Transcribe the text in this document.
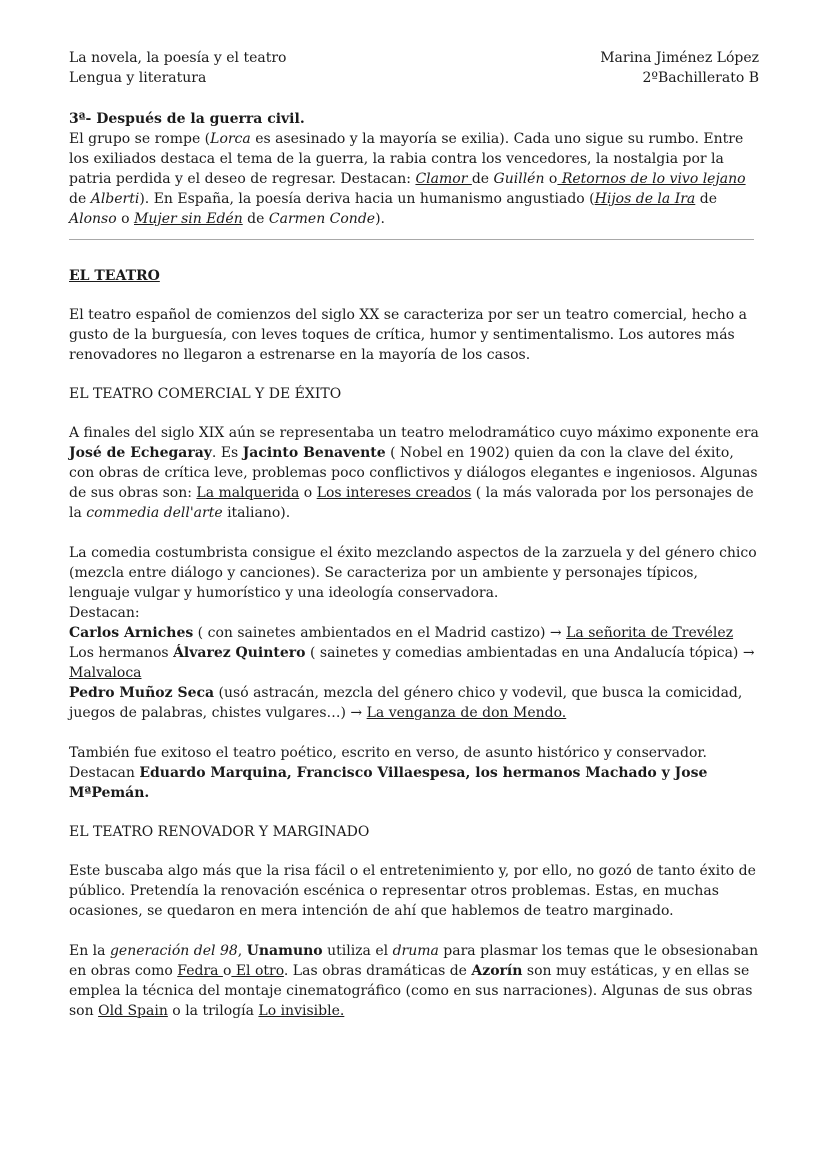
La novela, la poesía y el teatro
Lengua y literatura
Marina Jiménez López
2ºBachillerato B

3ª- Después de la guerra civil.

El grupo se rompe (Lorca es asesinado y la mayoría se exilia). Cada uno sigue su rumbo. Entre los exiliados destaca el tema de la guerra, la rabia contra los vencedores, la nostalgia por la patria perdida y el deseo de regresar. Destacan: Clamor de Guillén o Retornos de lo vivo lejano de Alberti). En España, la poesía deriva hacia un humanismo angustiado (Hijos de la Ira de Alonso o Mujer sin Edén de Carmen Conde).

EL TEATRO

El teatro español de comienzos del siglo XX se caracteriza por ser un teatro comercial, hecho a gusto de la burguesía, con leves toques de crítica, humor y sentimentalismo. Los autores más renovadores no llegaron a estrenarse en la mayoría de los casos.

EL TEATRO COMERCIAL Y DE ÉXITO

A finales del siglo XIX aún se representaba un teatro melodramático cuyo máximo exponente era José de Echegaray. Es Jacinto Benavente ( Nobel en 1902) quien da con la clave del éxito, con obras de crítica leve, problemas poco conflictivos y diálogos elegantes e ingeniosos. Algunas de sus obras son: La malquerida o Los intereses creados ( la más valorada por los personajes de la commedia dell'arte italiano).

La comedia costumbrista consigue el éxito mezclando aspectos de la zarzuela y del género chico (mezcla entre diálogo y canciones). Se caracteriza por un ambiente y personajes típicos, lenguaje vulgar y humorístico y una ideología conservadora.

Destacan:

Carlos Arniches ( con sainetes ambientados en el Madrid castizo) → La señorita de Trevélez

Los hermanos Álvarez Quintero ( sainetes y comedias ambientadas en una Andalucía tópica) → Malvaloca

Pedro Muñoz Seca (usó astracán, mezcla del género chico y vodevil, que busca la comicidad, juegos de palabras, chistes vulgares…) → La venganza de don Mendo.

También fue exitoso el teatro poético, escrito en verso, de asunto histórico y conservador. Destacan Eduardo Marquina, Francisco Villaespesa, los hermanos Machado y Jose MªPemán.

EL TEATRO RENOVADOR Y MARGINADO

Este buscaba algo más que la risa fácil o el entretenimiento y, por ello, no gozó de tanto éxito de público. Pretendía la renovación escénica o representar otros problemas. Estas, en muchas ocasiones, se quedaron en mera intención de ahí que hablemos de teatro marginado.

En la generación del 98, Unamuno utiliza el druma para plasmar los temas que le obsesionaban en obras como Fedra o El otro. Las obras dramáticas de Azorín son muy estáticas, y en ellas se emplea la técnica del montaje cinematográfico (como en sus narraciones). Algunas de sus obras son Old Spain o la trilogía Lo invisible.
